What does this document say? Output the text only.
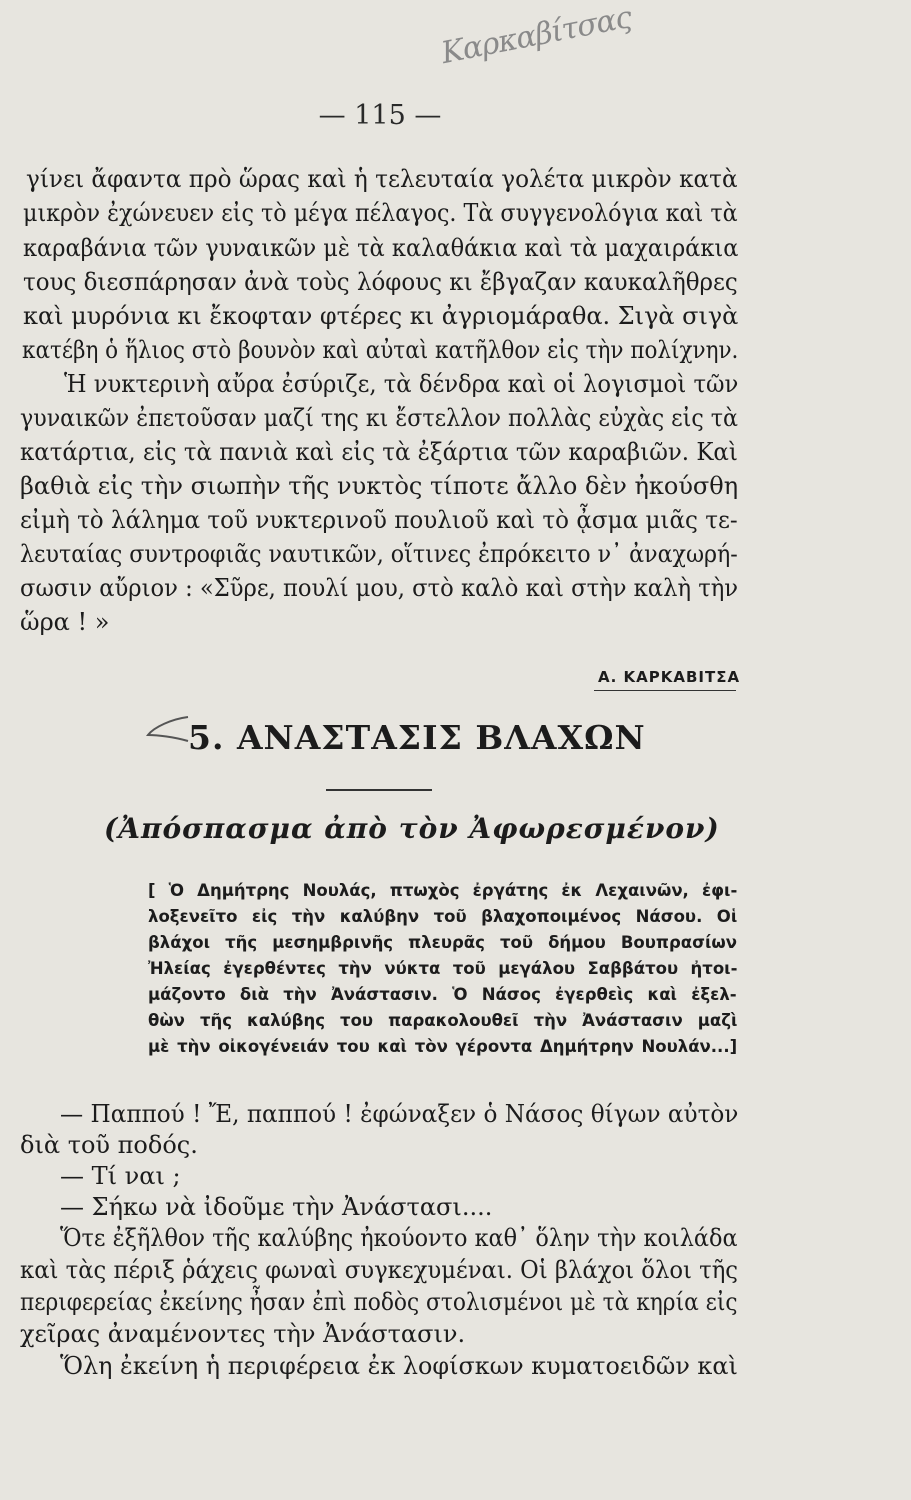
Καρκαβίτσας
— 115 —
γίνει ἄφαντα πρὸ ὥρας καὶ ἡ τελευταία γολέτα μικρὸν κατὰ
μικρὸν ἐχώνευεν εἰς τὸ μέγα πέλαγος. Τὰ συγγενολόγια καὶ τὰ
καραβάνια τῶν γυναικῶν μὲ τὰ καλαθάκια καὶ τὰ μαχαιράκια
τους διεσπάρησαν ἀνὰ τοὺς λόφους κι ἔβγαζαν καυκαλῆθρες
καὶ μυρόνια κι ἔκοφταν φτέρες κι ἀγριομάραθα. Σιγὰ σιγὰ
κατέβη ὁ ἥλιος στὸ βουνὸν καὶ αὐταὶ κατῆλθον εἰς τὴν πολίχνην.
Ἡ νυκτερινὴ αὔρα ἐσύριζε, τὰ δένδρα καὶ οἱ λογισμοὶ τῶν
γυναικῶν ἐπετοῦσαν μαζί της κι ἔστελλον πολλὰς εὐχὰς εἰς τὰ
κατάρτια, εἰς τὰ πανιὰ καὶ εἰς τὰ ἐξάρτια τῶν καραβιῶν. Καὶ
βαθιὰ εἰς τὴν σιωπὴν τῆς νυκτὸς τίποτε ἄλλο δὲν ἠκούσθη
εἰμὴ τὸ λάλημα τοῦ νυκτερινοῦ πουλιοῦ καὶ τὸ ᾆσμα μιᾶς τε-
λευταίας συντροφιᾶς ναυτικῶν, οἵτινες ἐπρόκειτο ν᾽ ἀναχωρή-
σωσιν αὔριον : «Σῦρε, πουλί μου, στὸ καλὸ καὶ στὴν καλὴ τὴν
ὥρα ! »
Α. ΚΑΡΚΑΒΙΤΣΑ
5. ΑΝΑΣΤΑΣΙΣ ΒΛΑΧΩΝ
(Ἀπόσπασμα ἀπὸ τὸν Ἀφωρεσμένον)
[ Ὁ Δημήτρης Νουλάς, πτωχὸς ἐργάτης ἐκ Λεχαινῶν, ἐφι-
λοξενεῖτο εἰς τὴν καλύβην τοῦ βλαχοποιμένος Νάσου. Οἱ
βλάχοι τῆς μεσημβρινῆς πλευρᾶς τοῦ δήμου Βουπρασίων
Ἠλείας ἐγερθέντες τὴν νύκτα τοῦ μεγάλου Σαββάτου ἠτοι-
μάζοντο διὰ τὴν Ἀνάστασιν. Ὁ Νάσος ἐγερθεὶς καὶ ἐξελ-
θὼν τῆς καλύβης του παρακολουθεῖ τὴν Ἀνάστασιν μαζὶ
μὲ τὴν οἰκογένειάν του καὶ τὸν γέροντα Δημήτρην Νουλάν...]
— Παππού ! Ἔ, παππού ! ἐφώναξεν ὁ Νάσος θίγων αὐτὸν
διὰ τοῦ ποδός.
— Τί ναι ;
— Σήκω νὰ ἰδοῦμε τὴν Ἀνάστασι....
Ὅτε ἐξῆλθον τῆς καλύβης ἠκούοντο καθ᾽ ὅλην τὴν κοιλάδα
καὶ τὰς πέριξ ῥάχεις φωναὶ συγκεχυμέναι. Οἱ βλάχοι ὅλοι τῆς
περιφερείας ἐκείνης ἦσαν ἐπὶ ποδὸς στολισμένοι μὲ τὰ κηρία εἰς
χεῖρας ἀναμένοντες τὴν Ἀνάστασιν.
Ὅλη ἐκείνη ἡ περιφέρεια ἐκ λοφίσκων κυματοειδῶν καὶ
